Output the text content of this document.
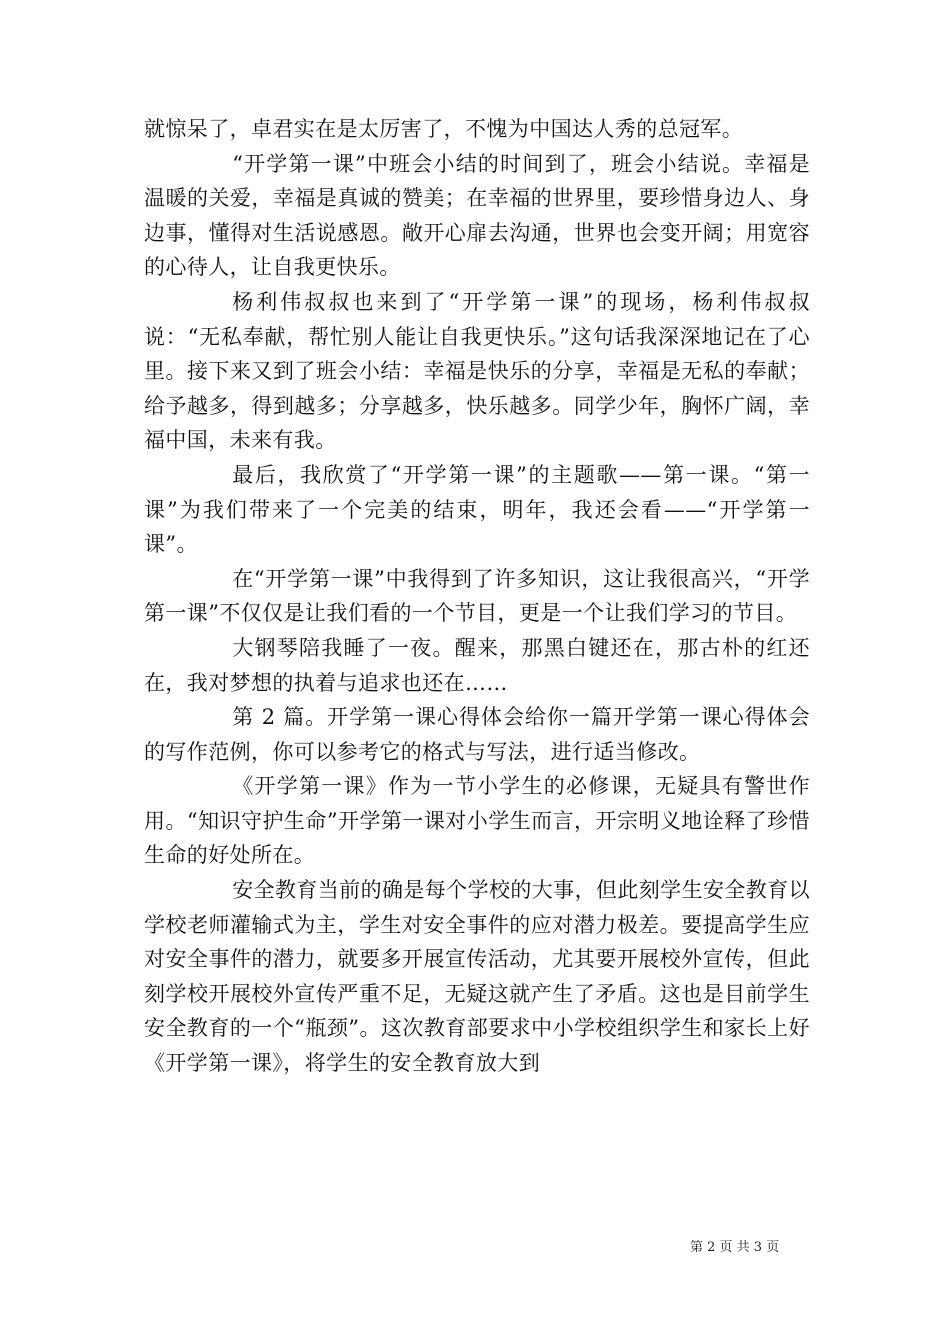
就惊呆了，卓君实在是太厉害了，不愧为中国达人秀的总冠军。

“开学第一课”中班会小结的时间到了，班会小结说。幸福是温暖的关爱，幸福是真诚的赞美；在幸福的世界里，要珍惜身边人、身边事，懂得对生活说感恩。敞开心扉去沟通，世界也会变开阔；用宽容的心待人，让自我更快乐。

杨利伟叔叔也来到了“开学第一课”的现场，杨利伟叔叔说：“无私奉献，帮忙别人能让自我更快乐。”这句话我深深地记在了心里。接下来又到了班会小结：幸福是快乐的分享，幸福是无私的奉献；给予越多，得到越多；分享越多，快乐越多。同学少年，胸怀广阔，幸福中国，未来有我。

最后，我欣赏了“开学第一课”的主题歌——第一课。“第一课”为我们带来了一个完美的结束，明年，我还会看——“开学第一课”。

在“开学第一课”中我得到了许多知识，这让我很高兴，“开学第一课”不仅仅是让我们看的一个节目，更是一个让我们学习的节目。

大钢琴陪我睡了一夜。醒来，那黑白键还在，那古朴的红还在，我对梦想的执着与追求也还在……

第 2 篇。开学第一课心得体会给你一篇开学第一课心得体会的写作范例，你可以参考它的格式与写法，进行适当修改。

《开学第一课》作为一节小学生的必修课，无疑具有警世作用。“知识守护生命”开学第一课对小学生而言，开宗明义地诠释了珍惜生命的好处所在。

安全教育当前的确是每个学校的大事，但此刻学生安全教育以学校老师灌输式为主，学生对安全事件的应对潜力极差。要提高学生应对安全事件的潜力，就要多开展宣传活动，尤其要开展校外宣传，但此刻学校开展校外宣传严重不足，无疑这就产生了矛盾。这也是目前学生安全教育的一个“瓶颈”。这次教育部要求中小学校组织学生和家长上好《开学第一课》，将学生的安全教育放大到

第 2 页 共 3 页
